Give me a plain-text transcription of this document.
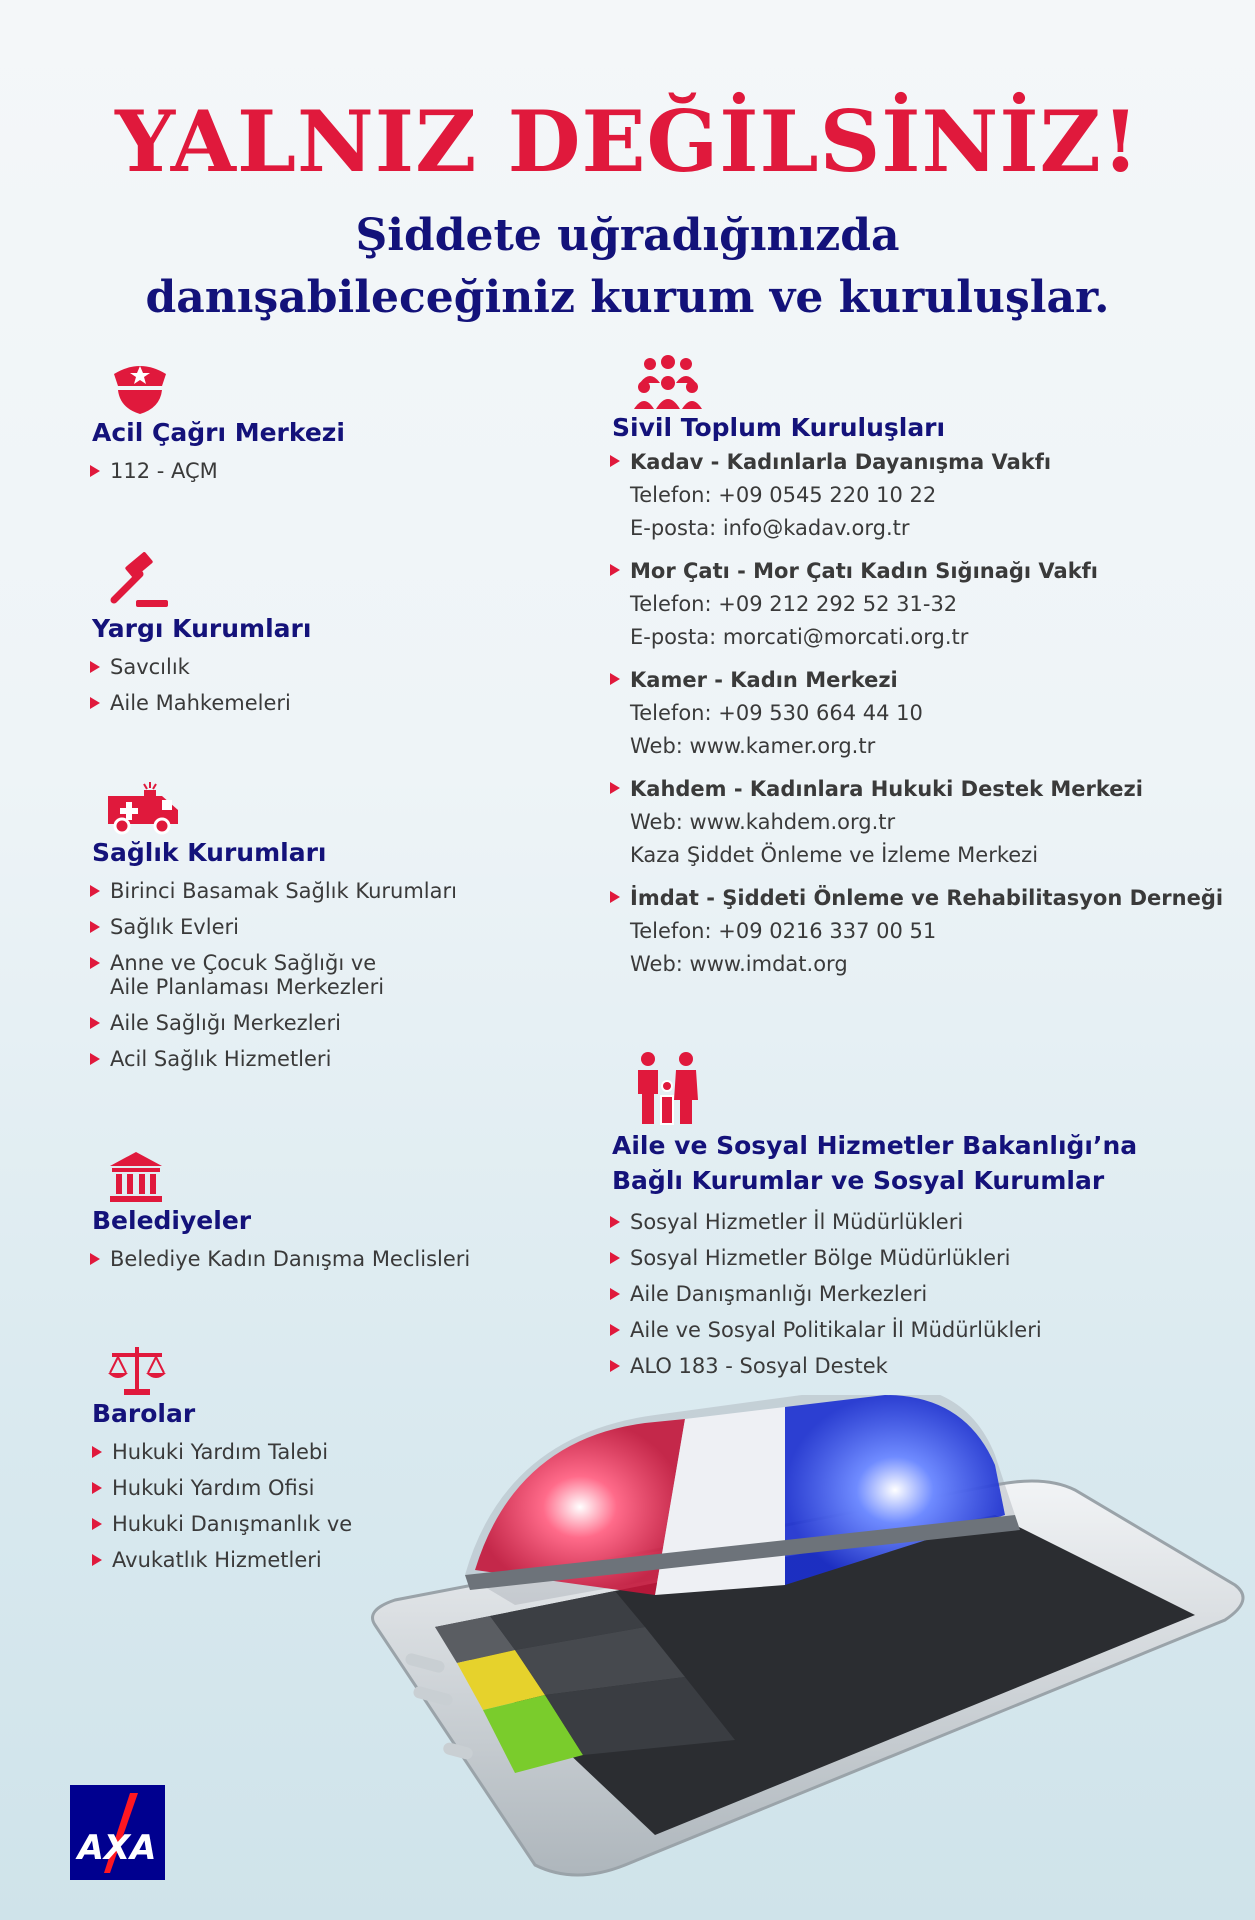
YALNIZ DEĞİLSİNİZ!
Şiddete uğradığınızda
danışabileceğiniz kurum ve kuruluşlar.
Acil Çağrı Merkezi
112 - AÇM
Yargı Kurumları
Savcılık
Aile Mahkemeleri
Sağlık Kurumları
Birinci Basamak Sağlık Kurumları
Sağlık Evleri
Anne ve Çocuk Sağlığı ve
Aile Planlaması Merkezleri
Aile Sağlığı Merkezleri
Acil Sağlık Hizmetleri
Belediyeler
Belediye Kadın Danışma Meclisleri
Barolar
Hukuki Yardım Talebi
Hukuki Yardım Ofisi
Hukuki Danışmanlık ve
Avukatlık Hizmetleri
Sivil Toplum Kuruluşları
Kadav - Kadınlarla Dayanışma Vakfı
Telefon: +09 0545 220 10 22
E-posta: info@kadav.org.tr
Mor Çatı - Mor Çatı Kadın Sığınağı Vakfı
Telefon: +09 212 292 52 31-32
E-posta: morcati@morcati.org.tr
Kamer - Kadın Merkezi
Telefon: +09 530 664 44 10
Web: www.kamer.org.tr
Kahdem - Kadınlara Hukuki Destek Merkezi
Web: www.kahdem.org.tr
Kaza Şiddet Önleme ve İzleme Merkezi
İmdat - Şiddeti Önleme ve Rehabilitasyon Derneği
Telefon: +09 0216 337 00 51
Web: www.imdat.org
Aile ve Sosyal Hizmetler Bakanlığı’na
Bağlı Kurumlar ve Sosyal Kurumlar
Sosyal Hizmetler İl Müdürlükleri
Sosyal Hizmetler Bölge Müdürlükleri
Aile Danışmanlığı Merkezleri
Aile ve Sosyal Politikalar İl Müdürlükleri
ALO 183 - Sosyal Destek
AXA
